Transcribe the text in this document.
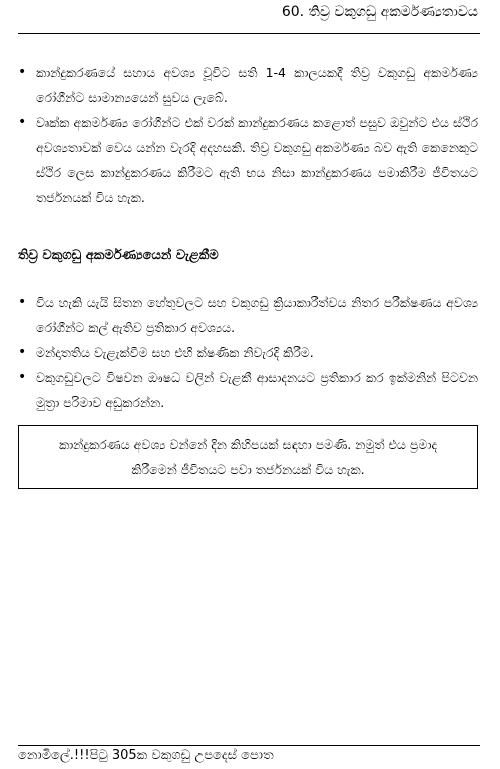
60. තිව්‍ර වකුගඩු අකර්මණ්‍යතාවය
• කාන්දුකරණයේ සහාය අවශ්‍ය වූවිට සති 1-4 කාලයකදී තිව්‍ර වකුගඩු අකර්මණ්‍ය රෝගීන්ට සාමාන්‍යයෙන් සුවය ලැබේ.
• වෘක්ක අකර්මණ්‍ය රෝගීන්ට එක් වරක් කාන්දුකරණය කළොත් පසුව ඔවුන්ට එය ස්ථිර අවශ්‍යතාවක් වෙය යන්න වැරදි අදහසකි. තිව්‍ර වකුගඩු අකර්මණ්‍ය බව ඇති කෙනෙකුට ස්ථිර ලෙස කාන්දුකරණය කිරීමට ඇති භය නිසා කාන්දුකරණය පමාකිරීම ජීවිතයට තර්ජනයක් විය හැක.
තිව්‍ර වකුගඩු අකර්මණ්‍යයෙන් වැළකීම
• විය හැකි යැයි සිතන හේතුවලට සහ වකුගඩු ක්‍රියාකාරීත්වය නිතර පරීක්ෂණය අවශ්‍ය රෝගීන්ට කල් ඇතිව ප්‍රතිකාර අවශ්‍යය.
• මන්දාතතිය වැළැක්වීම සහ එහි ක්ෂණික නිවැරදි කිරීම.
• වකුගඩුවලට විෂවන ඖෂධ වලින් වැළකී ආසාදනයට ප්‍රතිකාර කර ඉක්මනින් පිටවන මුත්‍රා පරිමාව අඩුකරන්න.
කාන්දුකරණය අවශ්‍ය වන්නේ දින කිහිපයක් සඳහා පමණි. නමුත් එය ප්‍රමාද කිරීමෙන් ජීවිතයට පවා තර්ජනයක් විය හැක.
නොමිලේ.!!!පිටු 305ක වකුගඩු උපදෙස් පොත
